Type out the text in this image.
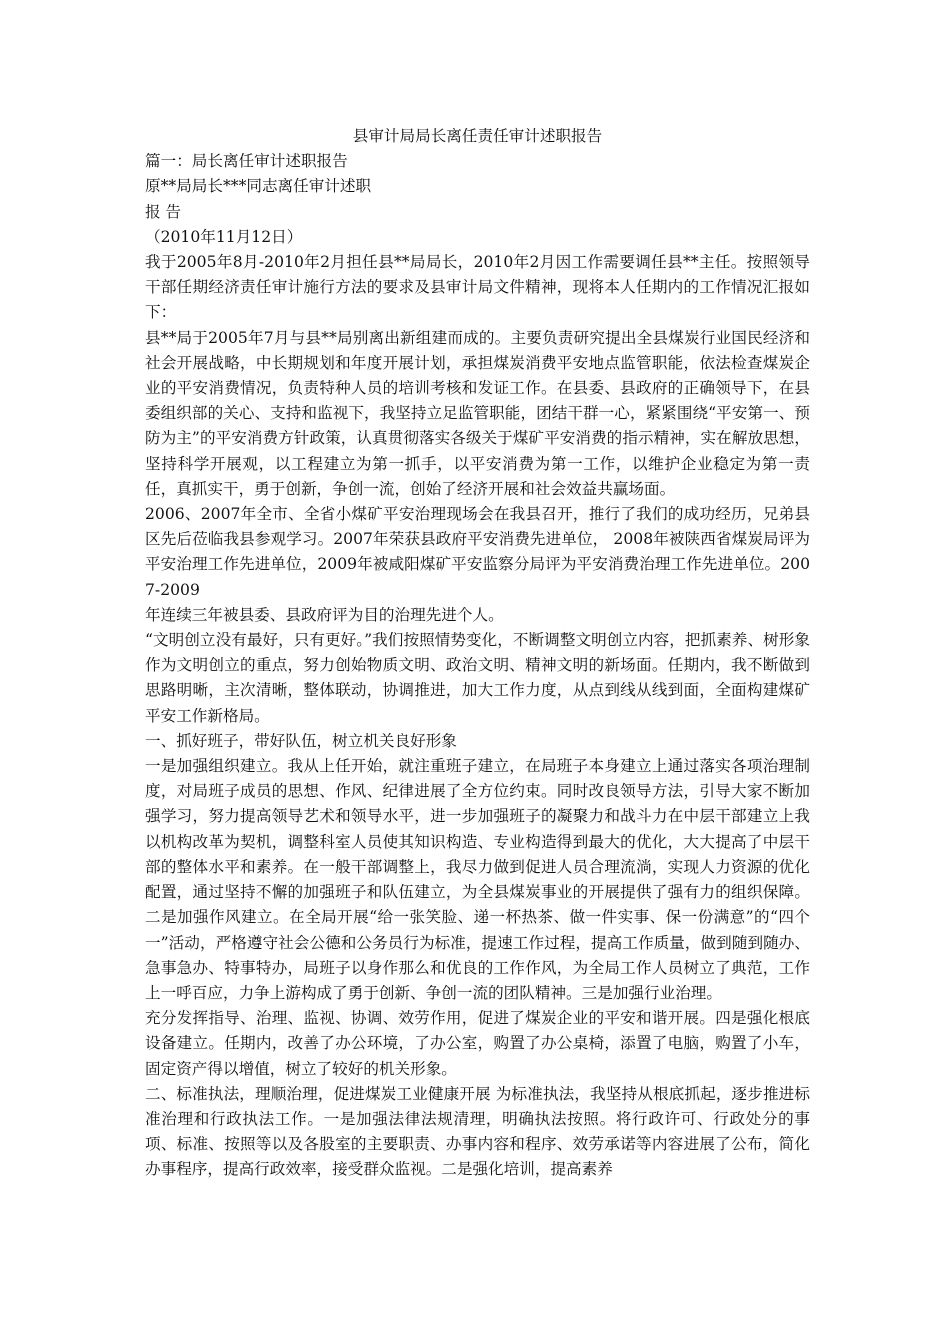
县审计局局长离任责任审计述职报告

篇一：局长离任审计述职报告

原**局局长***同志离任审计述职

报 告

（2010年11月12日）

我于2005年8月-2010年2月担任县**局局长，2010年2月因工作需要调任县**主任。按照领导干部任期经济责任审计施行方法的要求及县审计局文件精神，现将本人任期内的工作情况汇报如下：

县**局于2005年7月与县**局别离出新组建而成的。主要负责研究提出全县煤炭行业国民经济和社会开展战略，中长期规划和年度开展计划，承担煤炭消费平安地点监管职能，依法检查煤炭企业的平安消费情况，负责特种人员的培训考核和发证工作。在县委、县政府的正确领导下，在县委组织部的关心、支持和监视下，我坚持立足监管职能，团结干群一心，紧紧围绕“平安第一、预防为主”的平安消费方针政策，认真贯彻落实各级关于煤矿平安消费的指示精神，实在解放思想，坚持科学开展观，以工程建立为第一抓手，以平安消费为第一工作，以维护企业稳定为第一责任，真抓实干，勇于创新，争创一流，创始了经济开展和社会效益共赢场面。

2006、2007年全市、全省小煤矿平安治理现场会在我县召开，推行了我们的成功经历，兄弟县区先后莅临我县参观学习。2007年荣获县政府平安消费先进单位， 2008年被陕西省煤炭局评为平安治理工作先进单位，2009年被咸阳煤矿平安监察分局评为平安消费治理工作先进单位。2007-2009

年连续三年被县委、县政府评为目的治理先进个人。

“文明创立没有最好，只有更好。”我们按照情势变化，不断调整文明创立内容，把抓素养、树形象作为文明创立的重点，努力创始物质文明、政治文明、精神文明的新场面。任期内，我不断做到思路明晰，主次清晰，整体联动，协调推进，加大工作力度，从点到线从线到面，全面构建煤矿平安工作新格局。

一、抓好班子，带好队伍，树立机关良好形象

一是加强组织建立。我从上任开始，就注重班子建立，在局班子本身建立上通过落实各项治理制度，对局班子成员的思想、作风、纪律进展了全方位约束。同时改良领导方法，引导大家不断加强学习，努力提高领导艺术和领导水平，进一步加强班子的凝聚力和战斗力在中层干部建立上我以机构改革为契机，调整科室人员使其知识构造、专业构造得到最大的优化，大大提高了中层干部的整体水平和素养。在一般干部调整上，我尽力做到促进人员合理流淌，实现人力资源的优化配置，通过坚持不懈的加强班子和队伍建立，为全县煤炭事业的开展提供了强有力的组织保障。二是加强作风建立。在全局开展“给一张笑脸、递一杯热茶、做一件实事、保一份满意”的“四个一”活动，严格遵守社会公德和公务员行为标准，提速工作过程，提高工作质量，做到随到随办、急事急办、特事特办，局班子以身作那么和优良的工作作风，为全局工作人员树立了典范，工作上一呼百应，力争上游构成了勇于创新、争创一流的团队精神。三是加强行业治理。

充分发挥指导、治理、监视、协调、效劳作用，促进了煤炭企业的平安和谐开展。四是强化根底设备建立。任期内，改善了办公环境，了办公室，购置了办公桌椅，添置了电脑，购置了小车，固定资产得以增值，树立了较好的机关形象。

二、标准执法，理顺治理，促进煤炭工业健康开展 为标准执法，我坚持从根底抓起，逐步推进标准治理和行政执法工作。一是加强法律法规清理，明确执法按照。将行政许可、行政处分的事项、标准、按照等以及各股室的主要职责、办事内容和程序、效劳承诺等内容进展了公布，简化办事程序，提高行政效率，接受群众监视。二是强化培训，提高素养
